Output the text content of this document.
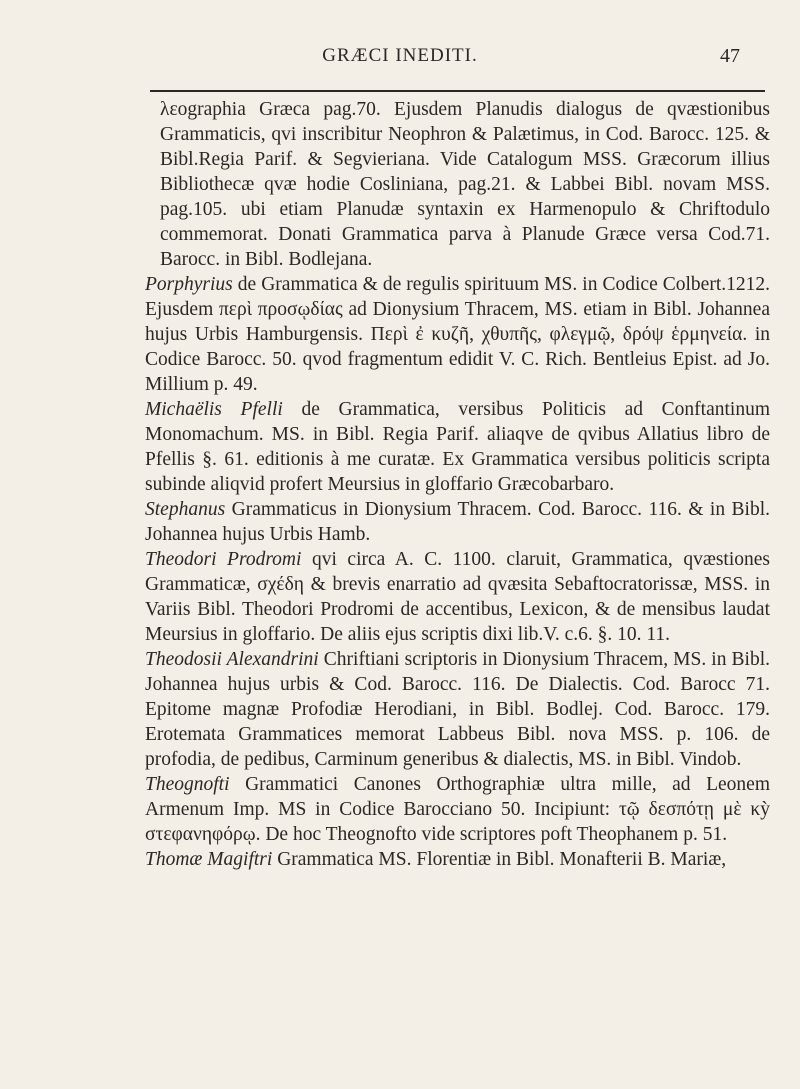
GRÆCI INEDITI.	47

λεographia Græca pag.70. Ejusdem Planudis dialogus de qvæstionibus Grammaticis, qvi inscribitur Neophron & Palætimus, in Cod. Barocc. 125. & Bibl.Regia Parif. & Segvieriana. Vide Catalogum MSS. Græcorum illius Bibliothecæ qvæ hodie Cosliniana, pag.21. & Labbei Bibl. novam MSS. pag.105. ubi etiam Planudæ syntaxin ex Harmenopulo & Chriftodulo commemorat. Donati Grammatica parva à Planude Græce versa Cod.71. Barocc. in Bibl. Bodlejana.

Porphyrius de Grammatica & de regulis spirituum MS. in Codice Colbert.1212. Ejusdem περὶ προσῳδίας ad Dionysium Thracem, MS. etiam in Bibl. Johannea hujus Urbis Hamburgensis. Περὶ ἐ κυζῆ, χθυπῆς, φλεγμῷ, δρόψ ἑρμηνεία. in Codice Barocc. 50. qvod fragmentum edidit V. C. Rich. Bentleius Epist. ad Jo. Millium p. 49.

Michaëlis Pfelli de Grammatica, versibus Politicis ad Conftantinum Monomachum. MS. in Bibl. Regia Parif. aliaqve de qvibus Allatius libro de Pfellis §. 61. editionis à me curatæ. Ex Grammatica versibus politicis scripta subinde aliqvid profert Meursius in gloffario Græcobarbaro.

Stephanus Grammaticus in Dionysium Thracem. Cod. Barocc. 116. & in Bibl. Johannea hujus Urbis Hamb.

Theodori Prodromi qvi circa A. C. 1100. claruit, Grammatica, qvæstiones Grammaticæ, σχέδη & brevis enarratio ad qvæsita Sebaftocratorissæ, MSS. in Variis Bibl. Theodori Prodromi de accentibus, Lexicon, & de mensibus laudat Meursius in gloffario. De aliis ejus scriptis dixi lib.V. c.6. §. 10. 11.

Theodosii Alexandrini Chriftiani scriptoris in Dionysium Thracem, MS. in Bibl. Johannea hujus urbis & Cod. Barocc. 116. De Dialectis. Cod. Barocc 71. Epitome magnæ Profodiæ Herodiani, in Bibl. Bodlej. Cod. Barocc. 179. Erotemata Grammatices memorat Labbeus Bibl. nova MSS. p. 106. de profodia, de pedibus, Carminum generibus & dialectis, MS. in Bibl. Vindob.

Theognofti Grammatici Canones Orthographiæ ultra mille, ad Leonem Armenum Imp. MS in Codice Barocciano 50. Incipiunt: τῷ δεσπότῃ μὲ κỳ στεφανηφόρῳ. De hoc Theognofto vide scriptores poft Theophanem p. 51.

Thomæ Magiftri Grammatica MS. Florentiæ in Bibl. Monafterii B. Mariæ,
